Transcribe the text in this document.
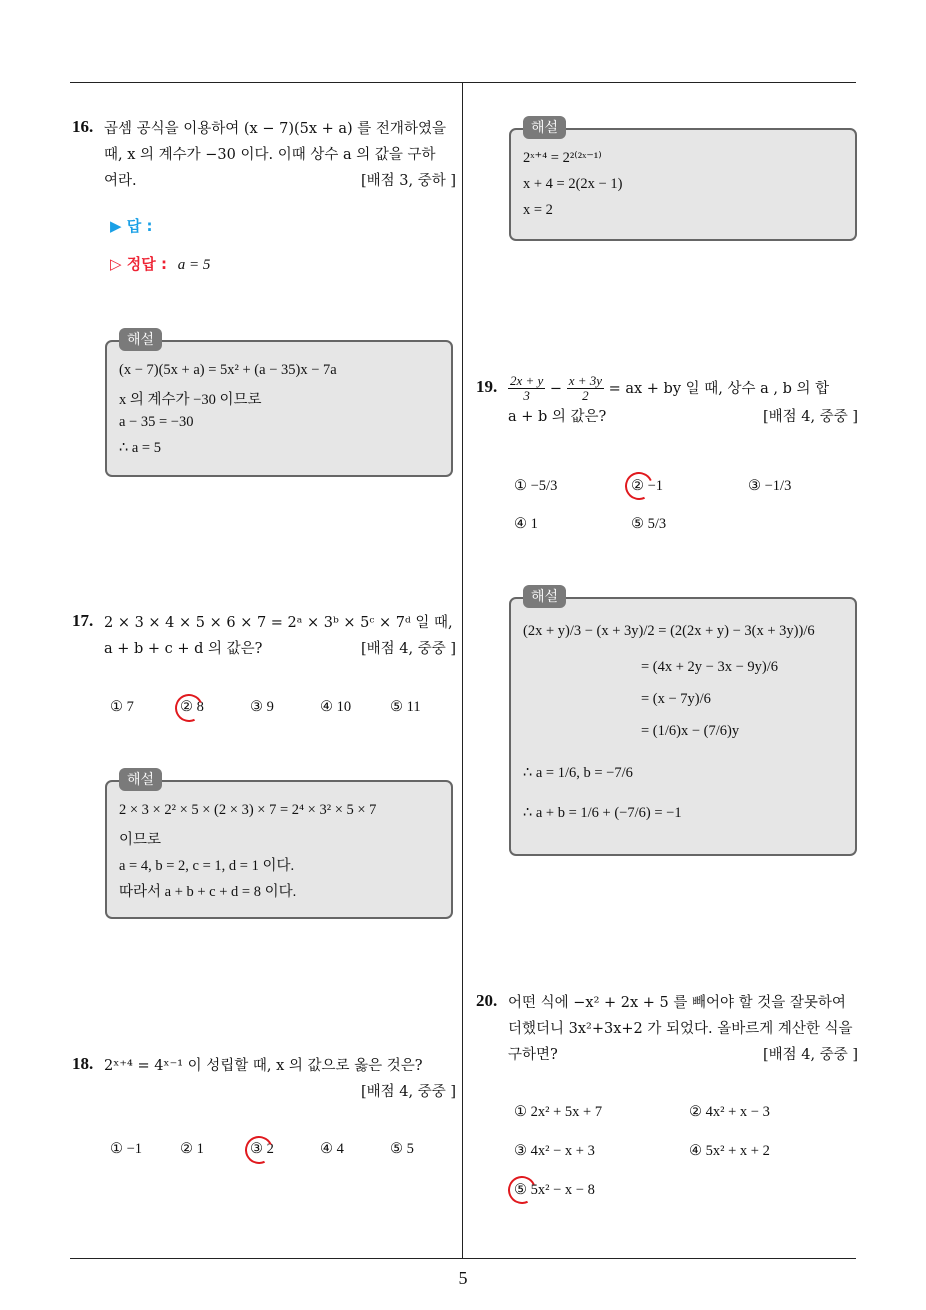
16. 곱셈 공식을 이용하여 (x − 7)(5x + a) 를 전개하였을
때, x 의 계수가 −30 이다. 이때 상수 a 의 값을 구하
여라.	[배점 3, 중하 ]
▶ 답 :
▷ 정답 : a = 5
(x − 7)(5x + a) = 5x² + (a − 35)x − 7a
x 의 계수가 −30 이므로
a − 35 = −30
∴ a = 5
해설
17. 2 × 3 × 4 × 5 × 6 × 7 = 2ᵃ × 3ᵇ × 5ᶜ × 7ᵈ 일 때,
a + b + c + d 의 값은?	[배점 4, 중중 ]
① 7	② 8	③ 9	④ 10	⑤ 11
2 × 3 × 2² × 5 × (2 × 3) × 7 = 2⁴ × 3² × 5 × 7
이므로
a = 4, b = 2, c = 1, d = 1 이다.
따라서 a + b + c + d = 8 이다.
해설
18. 2ˣ⁺⁴ = 4ˣ⁻¹ 이 성립할 때, x 의 값으로 옳은 것은?
[배점 4, 중중 ]
① −1	② 1	③ 2	④ 4	⑤ 5
2ˣ⁺⁴ = 2²⁽²ˣ⁻¹⁾
x + 4 = 2(2x − 1)
x = 2
해설
19. $\frac{2x + y}{3} - \frac{x + 3y}{2}$ = ax + by 일 때, 상수 a , b 의 합
a + b 의 값은?	[배점 4, 중중 ]
① −5/3	② −1	③ −1/3
④ 1	⑤ 5/3
(2x + y)/3 − (x + 3y)/2 = (2(2x + y) − 3(x + 3y))/6
= (4x + 2y − 3x − 9y)/6
= (x − 7y)/6
= (1/6)x − (7/6)y
∴ a = 1/6, b = −7/6
∴ a + b = 1/6 + (−7/6) = −1
해설
20. 어떤 식에 −x² + 2x + 5 를 빼어야 할 것을 잘못하여
더했더니 3x²+3x+2 가 되었다. 올바르게 계산한 식을
구하면?	[배점 4, 중중 ]
① 2x² + 5x + 7	② 4x² + x − 3
③ 4x² − x + 3	④ 5x² + x + 2
⑤ 5x² − x − 8
5
